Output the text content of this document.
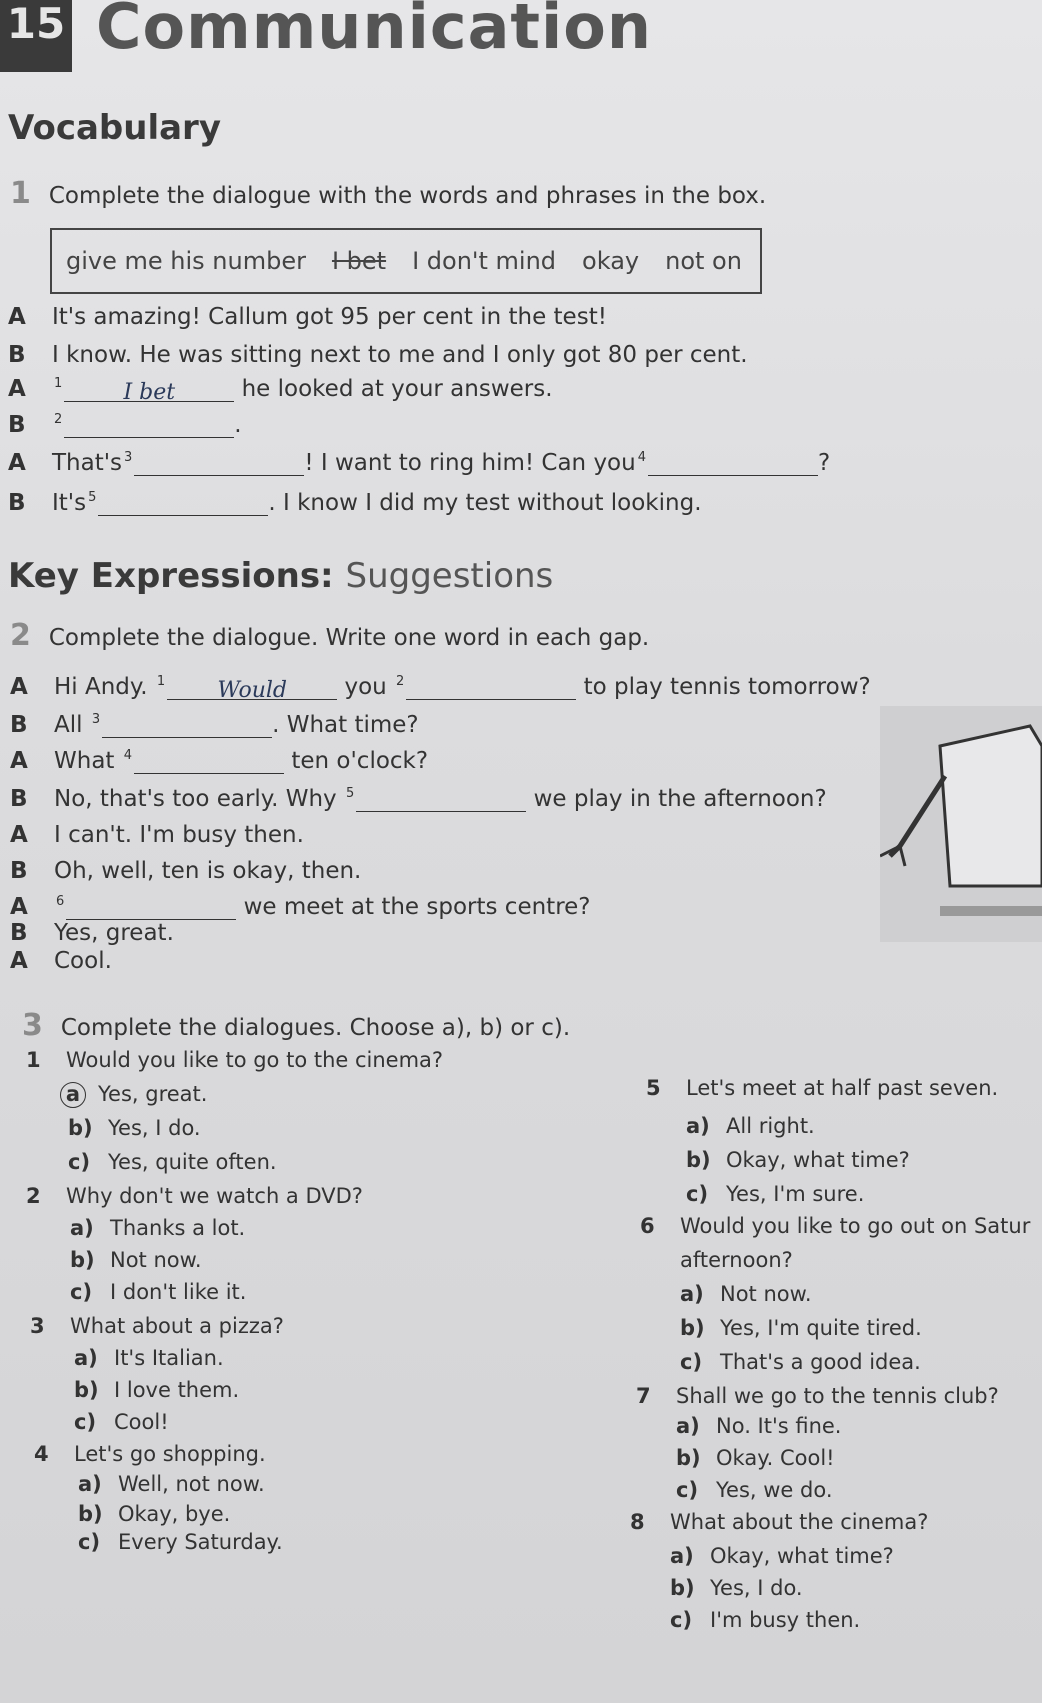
15 Communication
Vocabulary
1 Complete the dialogue with the words and phrases in the box.
give me his number I bet I don't mind okay not on
A It's amazing! Callum got 95 per cent in the test!
B I know. He was sitting next to me and I only got 80 per cent.
A $^1$	I bet	he looked at your answers.
B $^2$	.
A That's $^3$	! I want to ring him! Can you $^4$	?
B It's $^5$	. I know I did my test without looking.
Key Expressions: Suggestions
2 Complete the dialogue. Write one word in each gap.
A Hi Andy. $^1$ Would you $^2$	to play tennis tomorrow?
B All $^3$	. What time?
A What $^4$	ten o'clock?
B No, that's too early. Why $^5$	we play in the afternoon?
A I can't. I'm busy then.
B Oh, well, ten is okay, then.
A $^6$	we meet at the sports centre?
B Yes, great.
A Cool.
3 Complete the dialogues. Choose a), b) or c).
1 Would you like to go to the cinema?
a Yes, great.
b) Yes, I do.
c) Yes, quite often.
2 Why don't we watch a DVD?
a) Thanks a lot.
b) Not now.
c) I don't like it.
3 What about a pizza?
a) It's Italian.
b) I love them.
c) Cool!
4 Let's go shopping.
a) Well, not now.
b) Okay, bye.
c) Every Saturday.
5 Let's meet at half past seven.
a) All right.
b) Okay, what time?
c) Yes, I'm sure.
6 Would you like to go out on Satur
afternoon?
a) Not now.
b) Yes, I'm quite tired.
c) That's a good idea.
7 Shall we go to the tennis club?
a) No. It's fine.
b) Okay. Cool!
c) Yes, we do.
8 What about the cinema?
a) Okay, what time?
b) Yes, I do.
c) I'm busy then.
